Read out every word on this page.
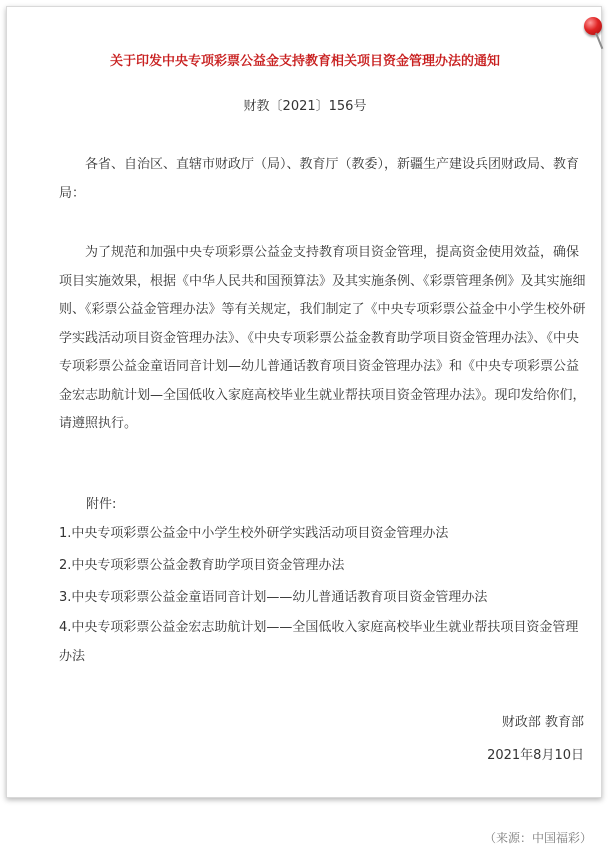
关于印发中央专项彩票公益金支持教育相关项目资金管理办法的通知
财教〔2021〕156号

各省、自治区、直辖市财政厅（局）、教育厅（教委），新疆生产建设兵团财政局、教育局：

为了规范和加强中央专项彩票公益金支持教育项目资金管理，提高资金使用效益，确保项目实施效果，根据《中华人民共和国预算法》及其实施条例、《彩票管理条例》及其实施细则、《彩票公益金管理办法》等有关规定，我们制定了《中央专项彩票公益金中小学生校外研学实践活动项目资金管理办法》、《中央专项彩票公益金教育助学项目资金管理办法》、《中央专项彩票公益金童语同音计划—幼儿普通话教育项目资金管理办法》和《中央专项彩票公益金宏志助航计划—全国低收入家庭高校毕业生就业帮扶项目资金管理办法》。现印发给你们，请遵照执行。

附件:

1.中央专项彩票公益金中小学生校外研学实践活动项目资金管理办法

2.中央专项彩票公益金教育助学项目资金管理办法

3.中央专项彩票公益金童语同音计划——幼儿普通话教育项目资金管理办法

4.中央专项彩票公益金宏志助航计划——全国低收入家庭高校毕业生就业帮扶项目资金管理办法

财政部 教育部
2021年8月10日
（来源：中国福彩）
